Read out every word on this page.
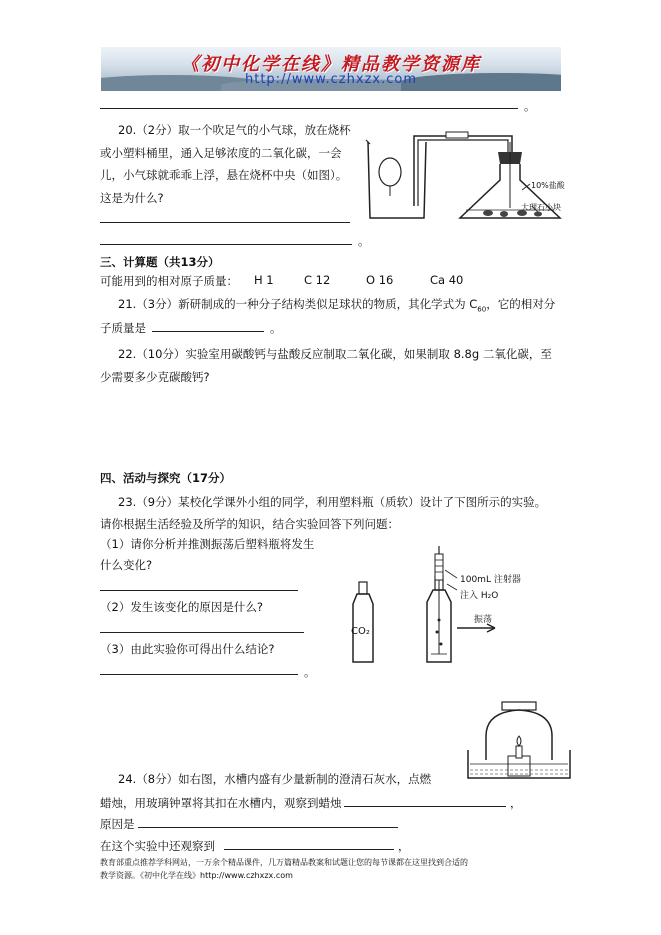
《初中化学在线》精品教学资源库
http://www.czhxzx.com
。
20.（2分）取一个吹足气的小气球，放在烧杯
或小塑料桶里，通入足够浓度的二氧化碳，一会
儿，小气球就乖乖上浮，悬在烧杯中央（如图）。
这是为什么?
。
10%盐酸
大理石小块
三、计算题（共13分）
可能用到的相对原子质量： H 1	C 12	O 16	Ca 40
21.（3分）新研制成的一种分子结构类似足球状的物质，其化学式为 $C_{60}$，它的相对分
子质量是	。
22.（10分）实验室用碳酸钙与盐酸反应制取二氧化碳，如果制取 8.8g 二氧化碳，至
少需要多少克碳酸钙?
四、活动与探究（17分）
23.（9分）某校化学课外小组的同学，利用塑料瓶（质软）设计了下图所示的实验。
请你根据生活经验及所学的知识，结合实验回答下列问题：
（1）请你分析并推测振荡后塑料瓶将发生
什么变化?
（2）发生该变化的原因是什么?
（3）由此实验你可得出什么结论?
。
CO₂
100mL 注射器
注入 H₂O
振荡
24.（8分）如右图，水槽内盛有少量新制的澄清石灰水，点燃
蜡烛，用玻璃钟罩将其扣在水槽内，观察到蜡烛	，
原因是
在这个实验中还观察到	，
教育部重点推荐学科网站，一万余个精品课件，几万篇精品教案和试题让您的每节课都在这里找到合适的
教学资源。《初中化学在线》http://www.czhxzx.com
